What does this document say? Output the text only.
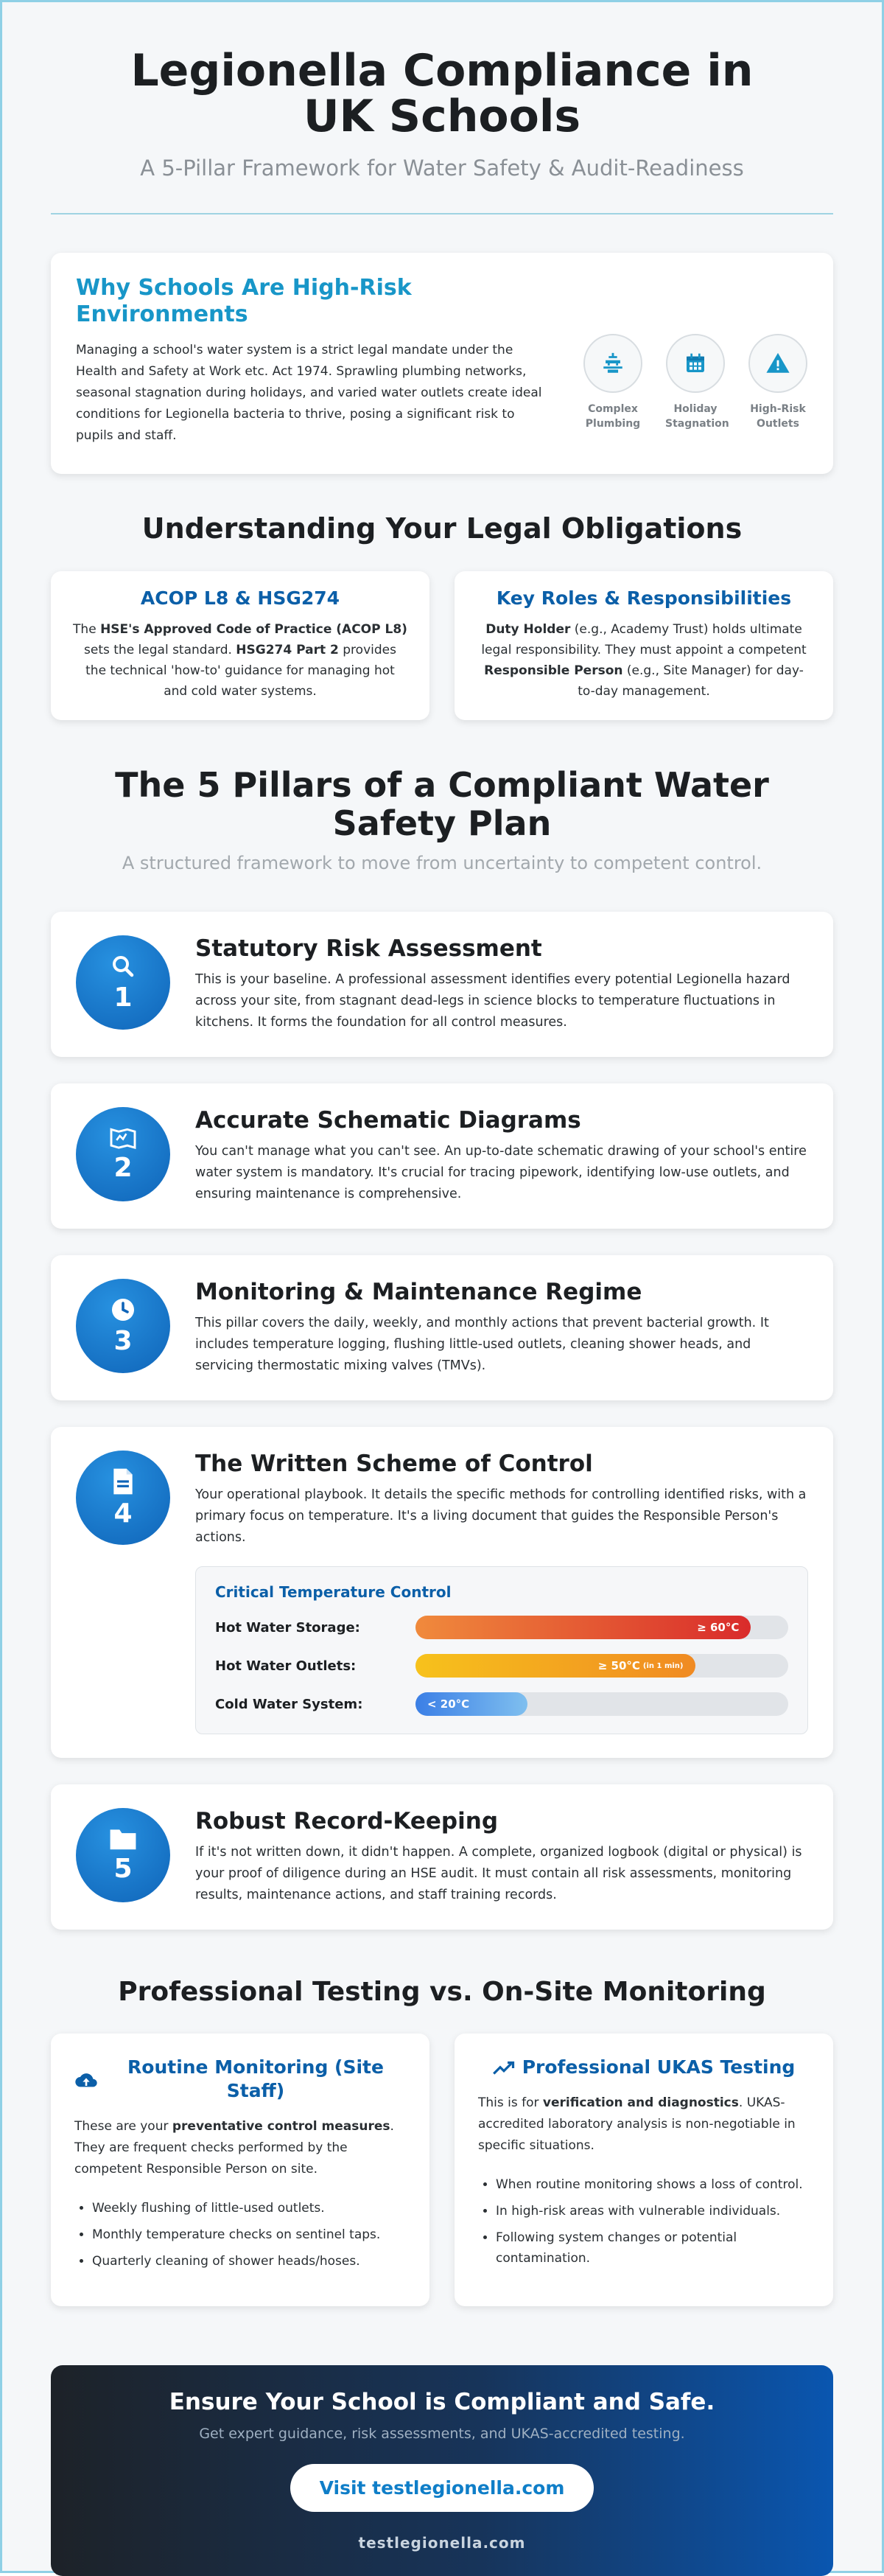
Legionella Compliance in UK Schools
A 5-Pillar Framework for Water Safety & Audit-Readiness
Why Schools Are High-Risk Environments

Managing a school's water system is a strict legal mandate under the Health and Safety at Work etc. Act 1974. Sprawling plumbing networks, seasonal stagnation during holidays, and varied water outlets create ideal conditions for Legionella bacteria to thrive, posing a significant risk to pupils and staff.

Complex Plumbing
Holiday Stagnation
High-Risk Outlets
Understanding Your Legal Obligations
ACOP L8 & HSG274

The HSE's Approved Code of Practice (ACOP L8) sets the legal standard. HSG274 Part 2 provides the technical 'how-to' guidance for managing hot and cold water systems.

Key Roles & Responsibilities

Duty Holder (e.g., Academy Trust) holds ultimate legal responsibility. They must appoint a competent Responsible Person (e.g., Site Manager) for day-to-day management.

The 5 Pillars of a Compliant Water Safety Plan
A structured framework to move from uncertainty to competent control.
1
Statutory Risk Assessment

This is your baseline. A professional assessment identifies every potential Legionella hazard across your site, from stagnant dead-legs in science blocks to temperature fluctuations in kitchens. It forms the foundation for all control measures.

2
Accurate Schematic Diagrams

You can't manage what you can't see. An up-to-date schematic drawing of your school's entire water system is mandatory. It's crucial for tracing pipework, identifying low-use outlets, and ensuring maintenance is comprehensive.

3
Monitoring & Maintenance Regime

This pillar covers the daily, weekly, and monthly actions that prevent bacterial growth. It includes temperature logging, flushing little-used outlets, cleaning shower heads, and servicing thermostatic mixing valves (TMVs).

4
The Written Scheme of Control

Your operational playbook. It details the specific methods for controlling identified risks, with a primary focus on temperature. It's a living document that guides the Responsible Person's actions.

Critical Temperature Control
Hot Water Storage:	≥ 60°C
Hot Water Outlets:	≥ 50°C (in 1 min)
Cold Water System:	< 20°C
5
Robust Record-Keeping

If it's not written down, it didn't happen. A complete, organized logbook (digital or physical) is your proof of diligence during an HSE audit. It must contain all risk assessments, monitoring results, maintenance actions, and staff training records.

Professional Testing vs. On-Site Monitoring
Routine Monitoring (Site Staff)

These are your preventative control measures. They are frequent checks performed by the competent Responsible Person on site.

• Weekly flushing of little-used outlets.
• Monthly temperature checks on sentinel taps.
• Quarterly cleaning of shower heads/hoses.
Professional UKAS Testing

This is for verification and diagnostics. UKAS-accredited laboratory analysis is non-negotiable in specific situations.

• When routine monitoring shows a loss of control.
• In high-risk areas with vulnerable individuals.
• Following system changes or potential contamination.
Ensure Your School is Compliant and Safe.
Get expert guidance, risk assessments, and UKAS-accredited testing.
Visit testlegionella.com
testlegionella.com
